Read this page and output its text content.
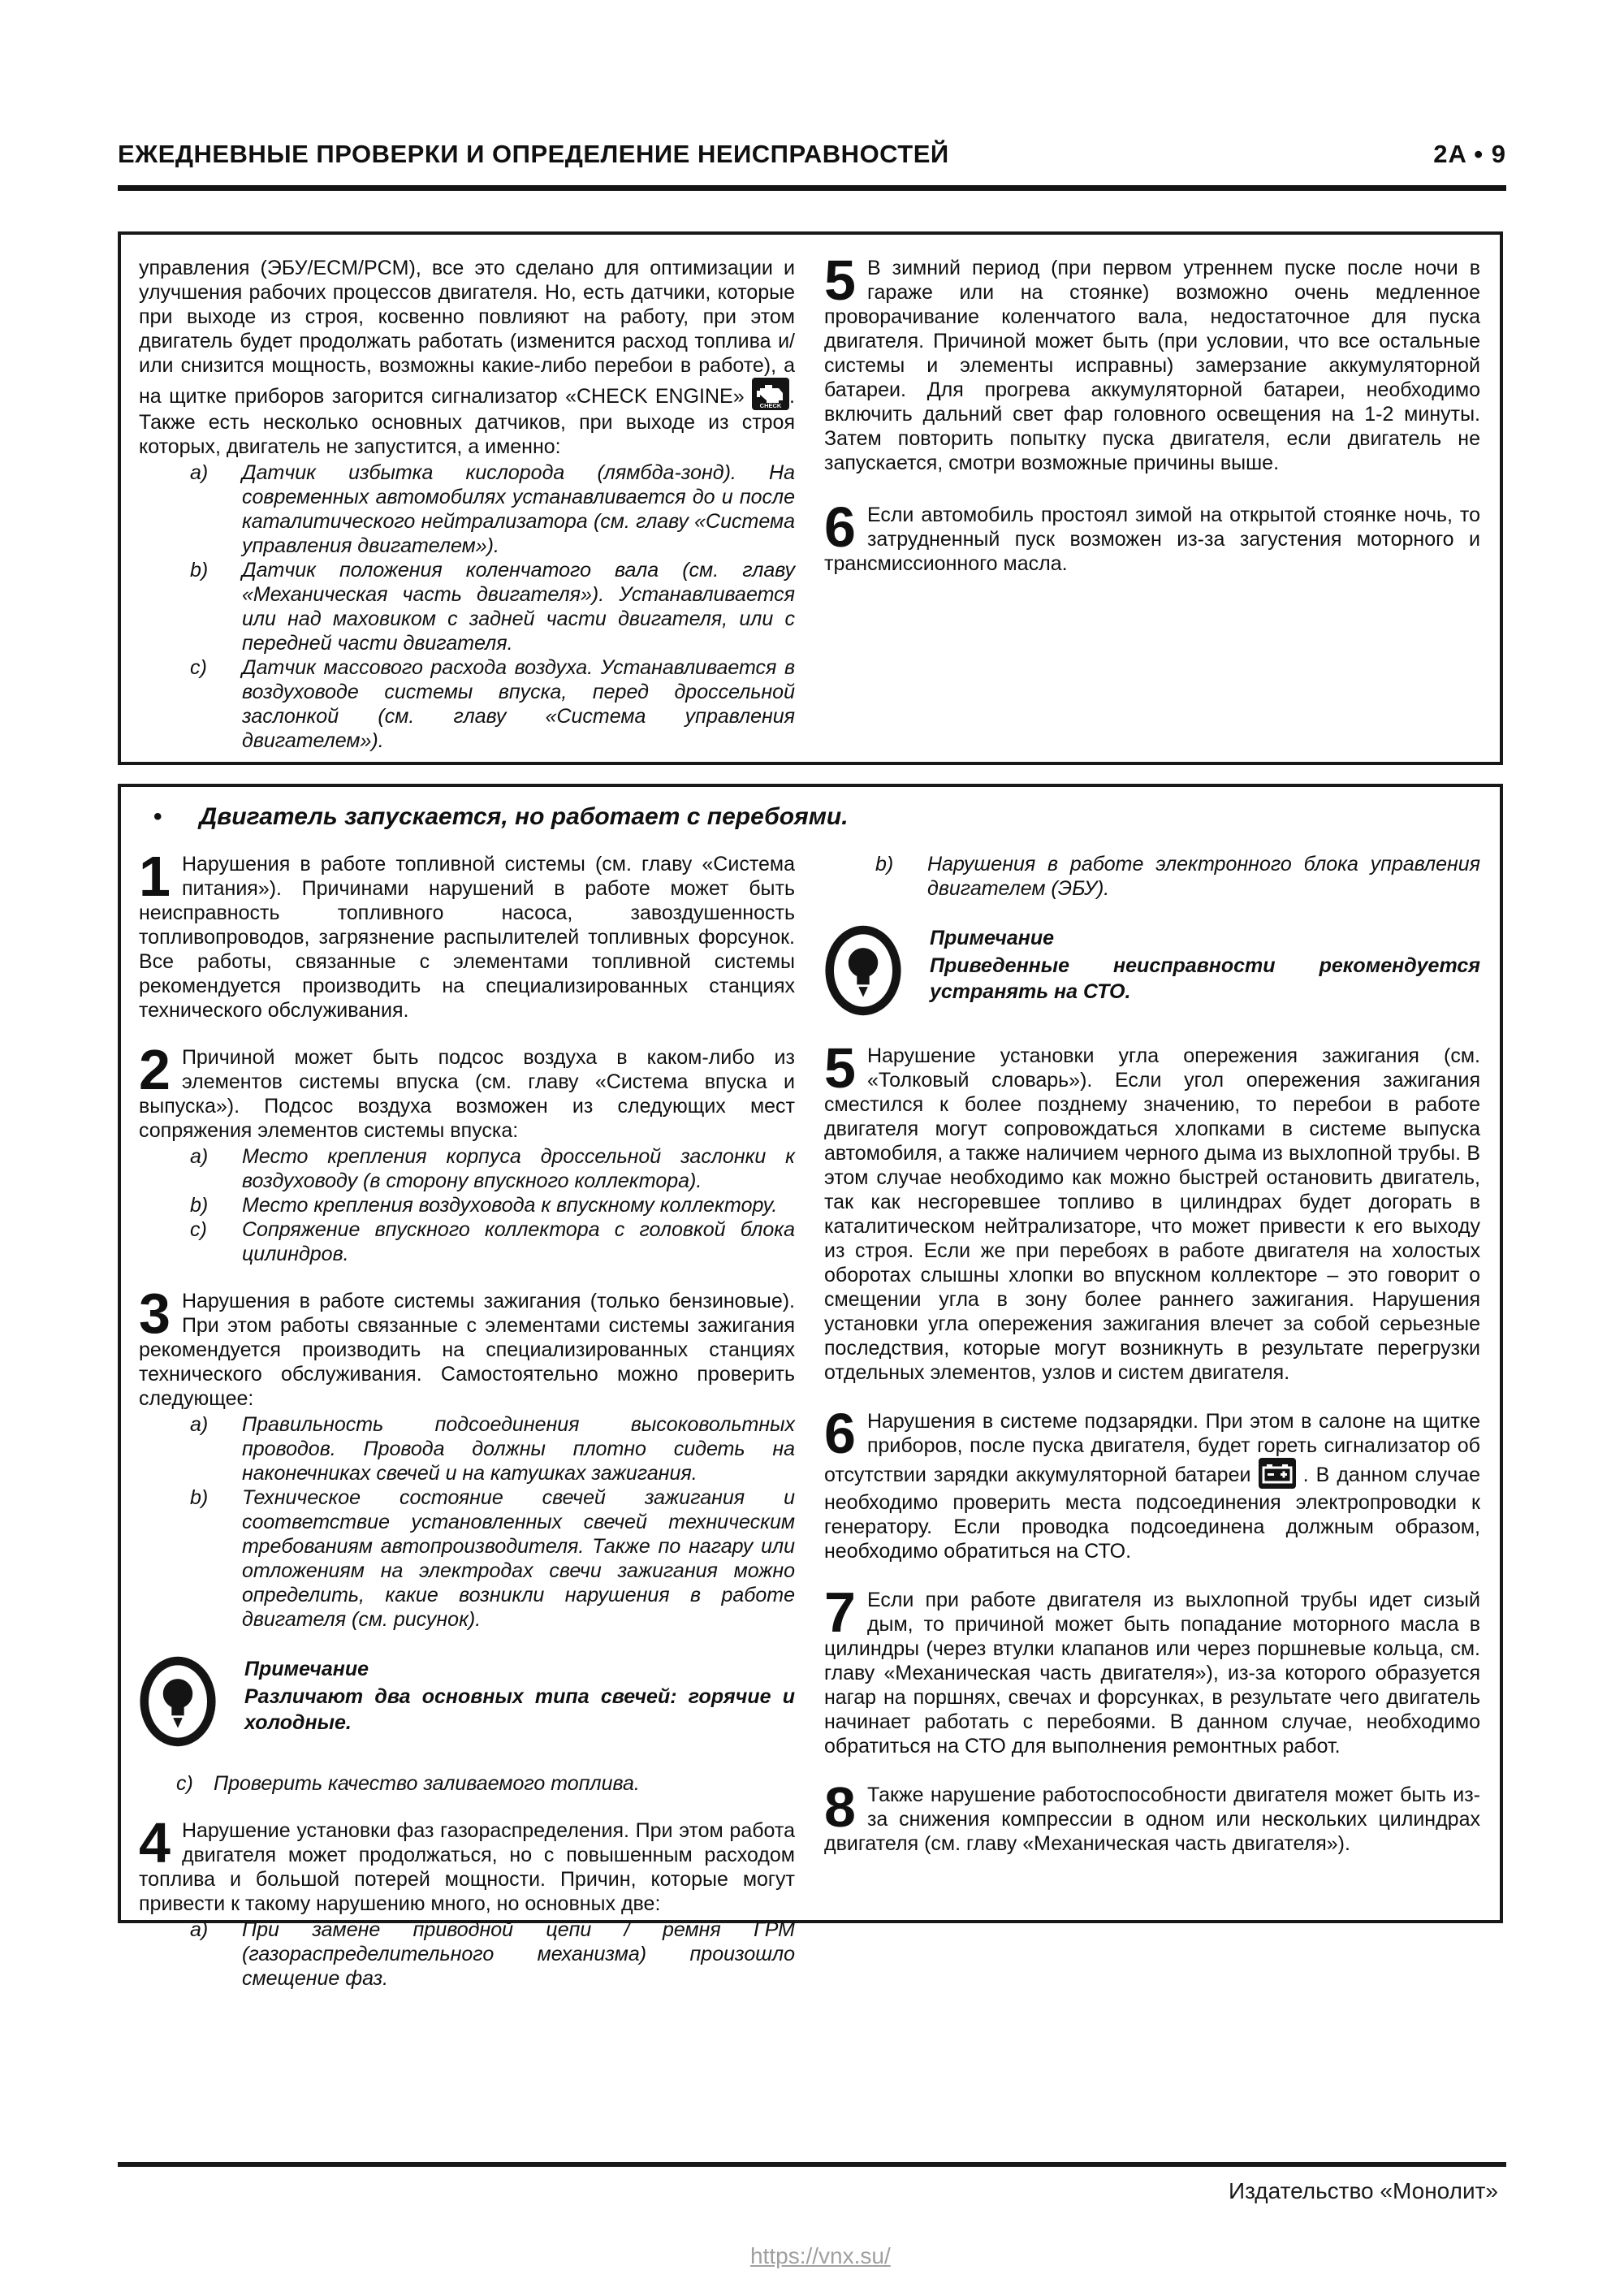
ЕЖЕДНЕВНЫЕ ПРОВЕРКИ И ОПРЕДЕЛЕНИЕ НЕИСПРАВНОСТЕЙ	2A • 9

управления (ЭБУ/ECM/PCM), все это сделано для оптимизации и улучшения рабочих процессов двигателя. Но, есть датчики, которые при выходе из строя, косвенно повлияют на работу, при этом двигатель будет продолжать работать (изменится расход топлива и/или снизится мощность, возможны какие-либо перебои в работе), а на щитке приборов загорится сигнализатор «CHECK ENGINE»	CHECK . Также есть несколько основных датчиков, при выходе из строя которых, двигатель не запустится, а именно:

a)	Датчик избытка кислорода (лямбда-зонд). На современных автомобилях устанавливается до и после каталитического нейтрализатора (см. главу «Система управления двигателем»).
b)	Датчик положения коленчатого вала (см. главу «Механическая часть двигателя»). Устанавливается или над маховиком с задней части двигателя, или с передней части двигателя.
c)	Датчик массового расхода воздуха. Устанавливается в воздуховоде системы впуска, перед дроссельной заслонкой (см. главу «Система управления двигателем»).
5 В зимний период (при первом утреннем пуске после ночи в гараже или на стоянке) возможно очень медленное проворачивание коленчатого вала, недостаточное для пуска двигателя. Причиной может быть (при условии, что все остальные системы и элементы исправны) замерзание аккумуляторной батареи. Для прогрева аккумуляторной батареи, необходимо включить дальний свет фар головного освещения на 1-2 минуты. Затем повторить попытку пуска двигателя, если двигатель не запускается, смотри возможные причины выше.
6 Если автомобиль простоял зимой на открытой стоянке ночь, то затрудненный пуск возможен из-за загустения моторного и трансмиссионного масла.
• Двигатель запускается, но работает с перебоями.
1 Нарушения в работе топливной системы (см. главу «Система питания»). Причинами нарушений в работе может быть неисправность топливного насоса, завоздушенность топливопроводов, загрязнение распылителей топливных форсунок. Все работы, связанные с элементами топливной системы рекомендуется производить на специализированных станциях технического обслуживания.
2 Причиной может быть подсос воздуха в каком-либо из элементов системы впуска (см. главу «Система впуска и выпуска»). Подсос воздуха возможен из следующих мест сопряжения элементов системы впуска:
a)	Место крепления корпуса дроссельной заслонки к воздуховоду (в сторону впускного коллектора).
b)	Место крепления воздуховода к впускному коллектору.
c)	Сопряжение впускного коллектора с головкой блока цилиндров.
3 Нарушения в работе системы зажигания (только бензиновые). При этом работы связанные с элементами системы зажигания рекомендуется производить на специализированных станциях технического обслуживания. Самостоятельно можно проверить следующее:
a)	Правильность подсоединения высоковольтных проводов. Провода должны плотно сидеть на наконечниках свечей и на катушках зажигания.
b)	Техническое состояние свечей зажигания и соответствие установленных свечей техническим требованиям автопроизводителя. Также по нагару или отложениям на электродах свечи зажигания можно определить, какие возникли нарушения в работе двигателя (см. рисунок).
Примечание
Различают два основных типа свечей: горячие и холодные.
c)	Проверить качество заливаемого топлива.
4 Нарушение установки фаз газораспределения. При этом работа двигателя может продолжаться, но с повышенным расходом топлива и большой потерей мощности. Причин, которые могут привести к такому нарушению много, но основных две:
a)	При замене приводной цепи / ремня ГРМ (газораспределительного механизма) произошло смещение фаз.
b)	Нарушения в работе электронного блока управления двигателем (ЭБУ).
Примечание
Приведенные неисправности рекомендуется устранять на СТО.
5 Нарушение установки угла опережения зажигания (см. «Толковый словарь»). Если угол опережения зажигания сместился к более позднему значению, то перебои в работе двигателя могут сопровождаться хлопками в системе выпуска автомобиля, а также наличием черного дыма из выхлопной трубы. В этом случае необходимо как можно быстрей остановить двигатель, так как несгоревшее топливо в цилиндрах будет догорать в каталитическом нейтрализаторе, что может привести к его выходу из строя. Если же при перебоях в работе двигателя на холостых оборотах слышны хлопки во впускном коллекторе – это говорит о смещении угла в зону более раннего зажигания. Нарушения установки угла опережения зажигания влечет за собой серьезные последствия, которые могут возникнуть в результате перегрузки отдельных элементов, узлов и систем двигателя.
6 Нарушения в системе подзарядки. При этом в салоне на щитке приборов, после пуска двигателя, будет гореть сигнализатор об отсутствии зарядки аккумуляторной батареи	. В данном случае необходимо проверить места подсоединения электропроводки к генератору. Если проводка подсоединена должным образом, необходимо обратиться на СТО.
7 Если при работе двигателя из выхлопной трубы идет сизый дым, то причиной может быть попадание моторного масла в цилиндры (через втулки клапанов или через поршневые кольца, см. главу «Механическая часть двигателя»), из-за которого образуется нагар на поршнях, свечах и форсунках, в результате чего двигатель начинает работать с перебоями. В данном случае, необходимо обратиться на СТО для выполнения ремонтных работ.
8 Также нарушение работоспособности двигателя может быть из-за снижения компрессии в одном или нескольких цилиндрах двигателя (см. главу «Механическая часть двигателя»).
Издательство «Монолит»
https://vnx.su/
